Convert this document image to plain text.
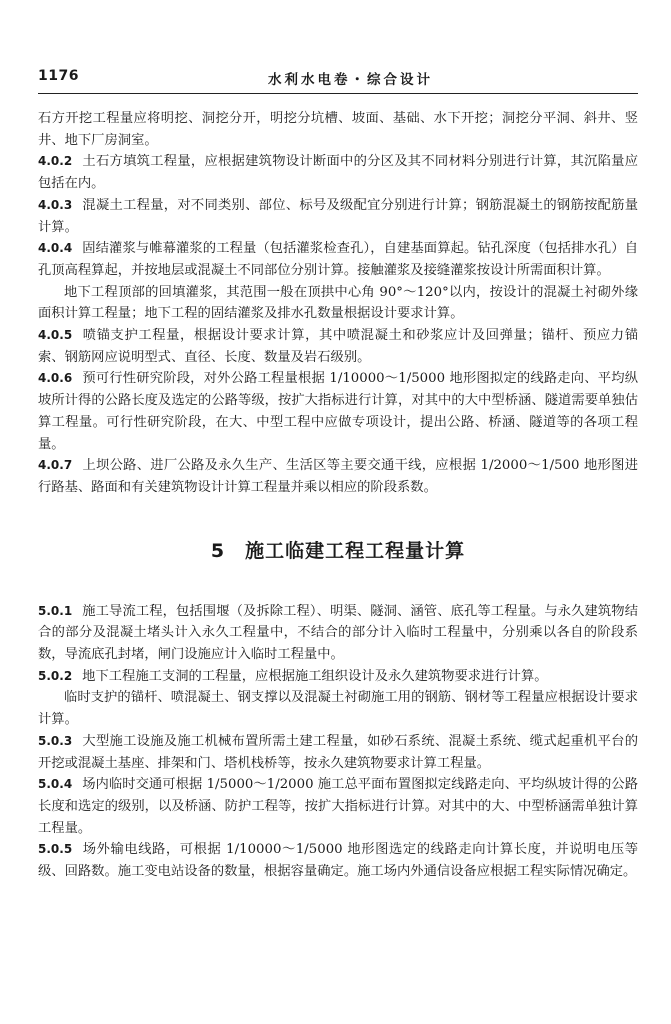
1176	水利水电卷・综合设计

石方开挖工程量应将明挖、洞挖分开，明挖分坑槽、坡面、基础、水下开挖；洞挖分平洞、斜井、竖井、地下厂房洞室。

4.0.2 土石方填筑工程量，应根据建筑物设计断面中的分区及其不同材料分别进行计算，其沉陷量应包括在内。

4.0.3 混凝土工程量，对不同类别、部位、标号及级配宜分别进行计算；钢筋混凝土的钢筋按配筋量计算。

4.0.4 固结灌浆与帷幕灌浆的工程量（包括灌浆检查孔），自建基面算起。钻孔深度（包括排水孔）自孔顶高程算起，并按地层或混凝土不同部位分别计算。接触灌浆及接缝灌浆按设计所需面积计算。

地下工程顶部的回填灌浆，其范围一般在顶拱中心角 90°～120°以内，按设计的混凝土衬砌外缘面积计算工程量；地下工程的固结灌浆及排水孔数量根据设计要求计算。

4.0.5 喷锚支护工程量，根据设计要求计算，其中喷混凝土和砂浆应计及回弹量；锚杆、预应力锚索、钢筋网应说明型式、直径、长度、数量及岩石级别。

4.0.6 预可行性研究阶段，对外公路工程量根据 1/10000～1/5000 地形图拟定的线路走向、平均纵坡所计得的公路长度及选定的公路等级，按扩大指标进行计算，对其中的大中型桥涵、隧道需要单独估算工程量。可行性研究阶段，在大、中型工程中应做专项设计，提出公路、桥涵、隧道等的各项工程量。

4.0.7 上坝公路、进厂公路及永久生产、生活区等主要交通干线，应根据 1/2000～1/500 地形图进行路基、路面和有关建筑物设计计算工程量并乘以相应的阶段系数。

5 施工临建工程工程量计算

5.0.1 施工导流工程，包括围堰（及拆除工程）、明渠、隧洞、涵管、底孔等工程量。与永久建筑物结合的部分及混凝土堵头计入永久工程量中，不结合的部分计入临时工程量中，分别乘以各自的阶段系数，导流底孔封堵，闸门设施应计入临时工程量中。

5.0.2 地下工程施工支洞的工程量，应根据施工组织设计及永久建筑物要求进行计算。

临时支护的锚杆、喷混凝土、钢支撑以及混凝土衬砌施工用的钢筋、钢材等工程量应根据设计要求计算。

5.0.3 大型施工设施及施工机械布置所需土建工程量，如砂石系统、混凝土系统、缆式起重机平台的开挖或混凝土基座、排架和门、塔机栈桥等，按永久建筑物要求计算工程量。

5.0.4 场内临时交通可根据 1/5000～1/2000 施工总平面布置图拟定线路走向、平均纵坡计得的公路长度和选定的级别，以及桥涵、防护工程等，按扩大指标进行计算。对其中的大、中型桥涵需单独计算工程量。

5.0.5 场外输电线路，可根据 1/10000～1/5000 地形图选定的线路走向计算长度，并说明电压等级、回路数。施工变电站设备的数量，根据容量确定。施工场内外通信设备应根据工程实际情况确定。
